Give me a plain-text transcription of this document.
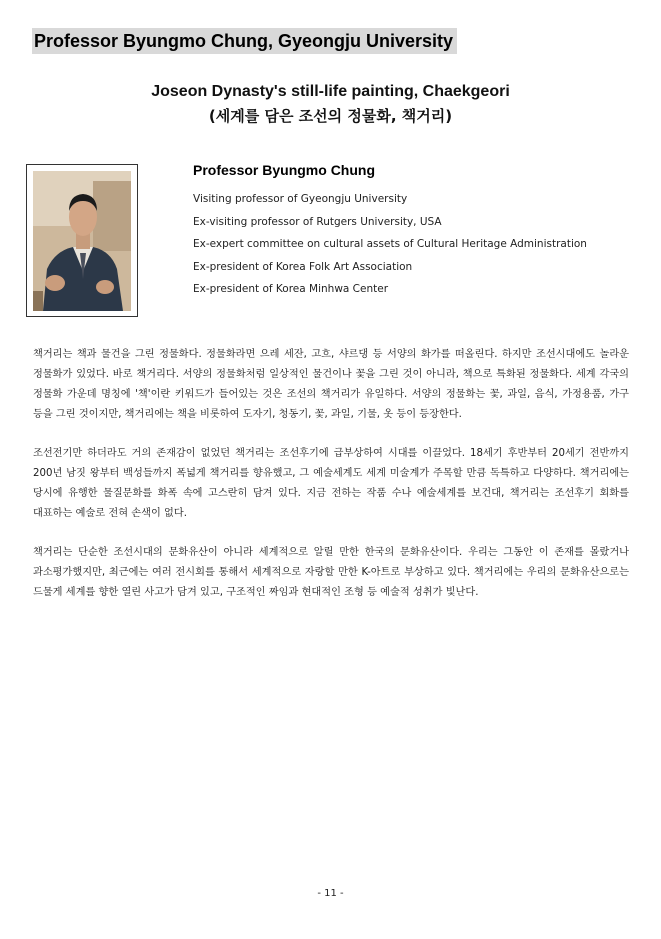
Professor Byungmo Chung, Gyeongju University

Joseon Dynasty's still-life painting, Chaekgeori

(세계를 담은 조선의 정물화, 책거리)

Professor Byungmo Chung

Visiting professor of Gyeongju University
Ex-visiting professor of Rutgers University, USA
Ex-expert committee on cultural assets of Cultural Heritage Administration
Ex-president of Korea Folk Art Association
Ex-president of Korea Minhwa Center

책거리는 책과 물건을 그린 정물화다. 정물화라면 으레 세잔, 고흐, 샤르댕 등 서양의 화가를 떠올린다. 하지만 조선시대에도 놀라운 정물화가 있었다. 바로 책거리다. 서양의 정물화처럼 일상적인 물건이나 꽃을 그린 것이 아니라, 책으로 특화된 정물화다. 세계 각국의 정물화 가운데 명칭에 '책'이란 키워드가 들어있는 것은 조선의 책거리가 유일하다. 서양의 정물화는 꽃, 과일, 음식, 가정용품, 가구 등을 그린 것이지만, 책거리에는 책을 비롯하여 도자기, 청동기, 꽃, 과일, 기물, 옷 등이 등장한다.

조선전기만 하더라도 거의 존재감이 없었던 책거리는 조선후기에 급부상하여 시대를 이끌었다. 18세기 후반부터 20세기 전반까지 200년 남짓 왕부터 백성들까지 폭넓게 책거리를 향유했고, 그 예술세계도 세계 미술계가 주목할 만큼 독특하고 다양하다. 책거리에는 당시에 유행한 물질문화를 화폭 속에 고스란히 담겨 있다. 지금 전하는 작품 수나 예술세계를 보건대, 책거리는 조선후기 회화를 대표하는 예술로 전혀 손색이 없다.

책거리는 단순한 조선시대의 문화유산이 아니라 세계적으로 알릴 만한 한국의 문화유산이다. 우리는 그동안 이 존재를 몰랐거나 과소평가했지만, 최근에는 여러 전시회를 통해서 세계적으로 자랑할 만한 K-아트로 부상하고 있다. 책거리에는 우리의 문화유산으로는 드물게 세계를 향한 열린 사고가 담겨 있고, 구조적인 짜임과 현대적인 조형 등 예술적 성취가 빛난다.

- 11 -
